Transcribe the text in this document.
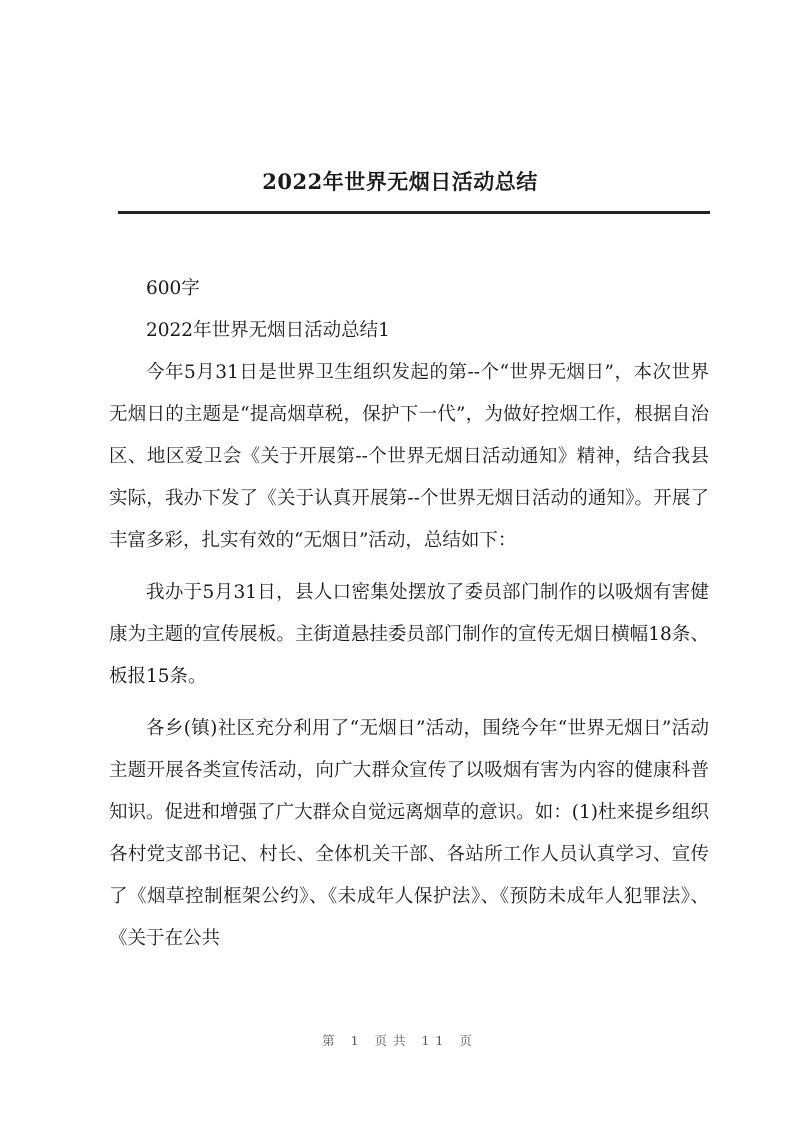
2022年世界无烟日活动总结

600字

2022年世界无烟日活动总结1

今年5月31日是世界卫生组织发起的第--个“世界无烟日”，本次世界无烟日的主题是“提高烟草税，保护下一代”，为做好控烟工作，根据自治区、地区爱卫会《关于开展第--个世界无烟日活动通知》精神，结合我县实际，我办下发了《关于认真开展第--个世界无烟日活动的通知》。开展了丰富多彩，扎实有效的“无烟日”活动，总结如下：

我办于5月31日，县人口密集处摆放了委员部门制作的以吸烟有害健康为主题的宣传展板。主街道悬挂委员部门制作的宣传无烟日横幅18条、板报15条。

各乡(镇)社区充分利用了“无烟日”活动，围绕今年“世界无烟日”活动主题开展各类宣传活动，向广大群众宣传了以吸烟有害为内容的健康科普知识。促进和增强了广大群众自觉远离烟草的意识。如：(1)杜来提乡组织各村党支部书记、村长、全体机关干部、各站所工作人员认真学习、宣传了《烟草控制框架公约》、《未成年人保护法》、《预防未成年人犯罪法》、《关于在公共

第 1 页共 11 页
